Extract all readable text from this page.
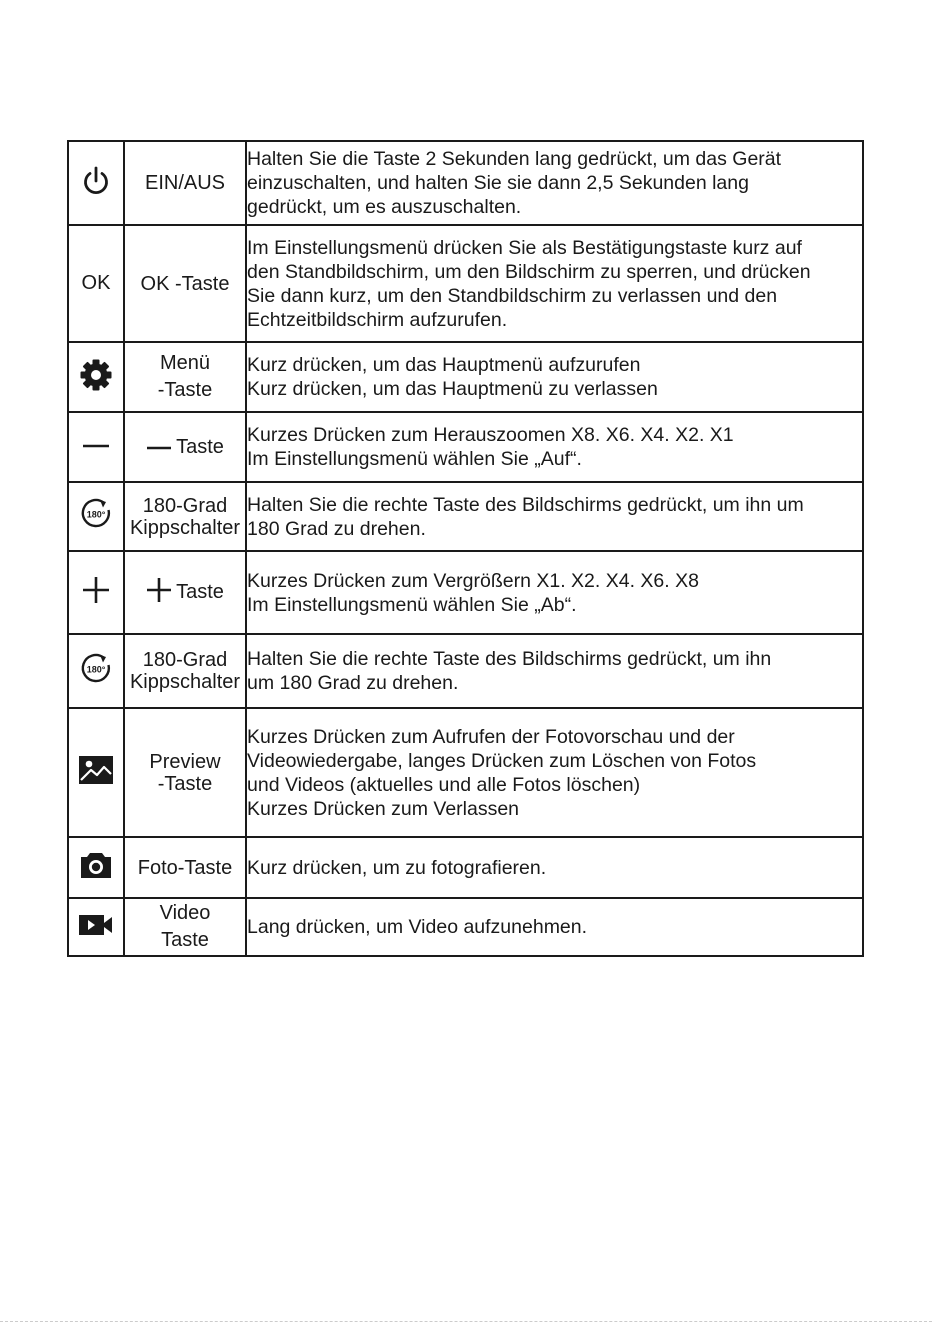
EIN/AUS	Halten Sie die Taste 2 Sekunden lang gedrückt, um das Gerät
einzuschalten, und halten Sie sie dann 2,5 Sekunden lang
gedrückt, um es auszuschalten.

OK	OK -Taste	Im Einstellungsmenü drücken Sie als Bestätigungstaste kurz auf
den Standbildschirm, um den Bildschirm zu sperren, und drücken
Sie dann kurz, um den Standbildschirm zu verlassen und den
Echtzeitbildschirm aufzurufen.

Menü
-Taste	Kurz drücken, um das Hauptmenü aufzurufen
Kurz drücken, um das Hauptmenü zu verlassen

	Taste	Kurzes Drücken zum Herauszoomen X8. X6. X4. X2. X1
Im Einstellungsmenü wählen Sie „Auf“.

180°	180-Grad
Kippschalter	Halten Sie die rechte Taste des Bildschirms gedrückt, um ihn um
180 Grad zu drehen.

	Taste	Kurzes Drücken zum Vergrößern X1. X2. X4. X6. X8
Im Einstellungsmenü wählen Sie „Ab“.

180°	180-Grad
Kippschalter	Halten Sie die rechte Taste des Bildschirms gedrückt, um ihn
um 180 Grad zu drehen.

Preview
-Taste	Kurzes Drücken zum Aufrufen der Fotovorschau und der
Videowiedergabe, langes Drücken zum Löschen von Fotos
und Videos (aktuelles und alle Fotos löschen)
Kurzes Drücken zum Verlassen

Foto-Taste	Kurz drücken, um zu fotografieren.

Video
Taste	Lang drücken, um Video aufzunehmen.
